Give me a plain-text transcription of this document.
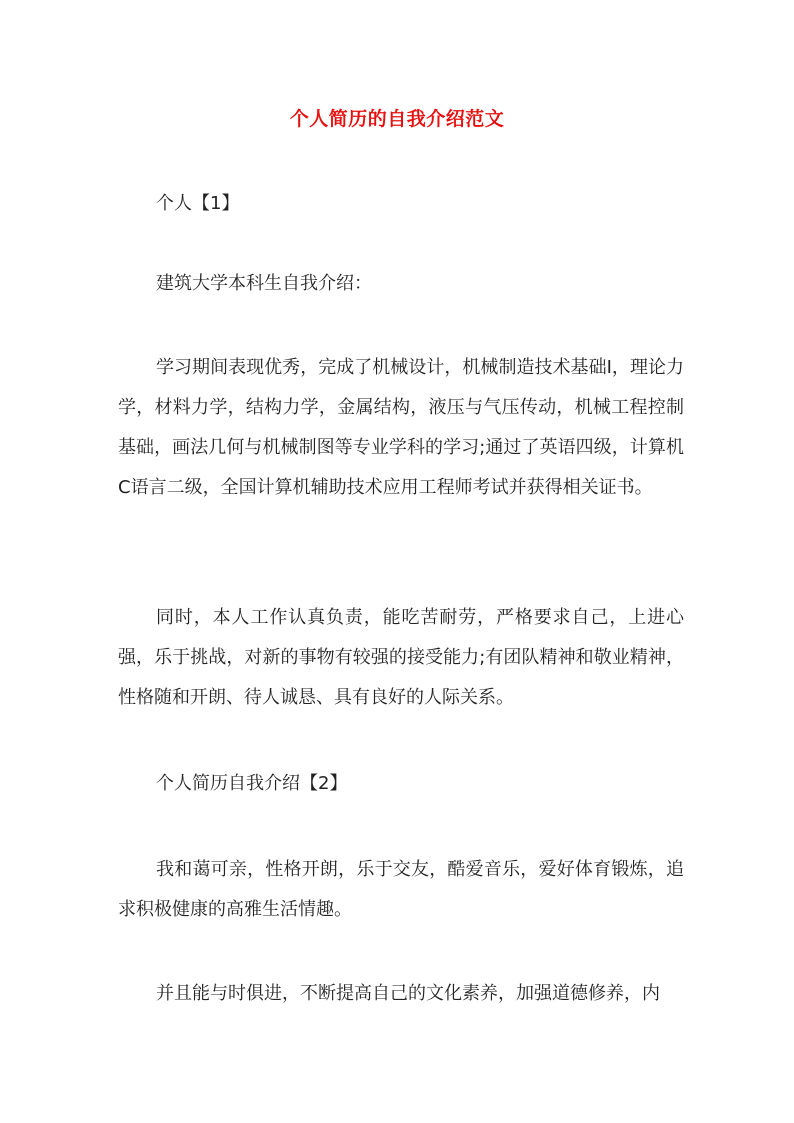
个人简历的自我介绍范文

个人【1】

建筑大学本科生自我介绍：

学习期间表现优秀，完成了机械设计，机械制造技术基础Ⅰ，理论力学，材料力学，结构力学，金属结构，液压与气压传动，机械工程控制基础，画法几何与机械制图等专业学科的学习;通过了英语四级，计算机C语言二级，全国计算机辅助技术应用工程师考试并获得相关证书。

同时，本人工作认真负责，能吃苦耐劳，严格要求自己，上进心强，乐于挑战，对新的事物有较强的接受能力;有团队精神和敬业精神，性格随和开朗、待人诚恳、具有良好的人际关系。

个人简历自我介绍【2】

我和蔼可亲，性格开朗，乐于交友，酷爱音乐，爱好体育锻炼，追求积极健康的高雅生活情趣。

并且能与时俱进，不断提高自己的文化素养，加强道德修养，内
